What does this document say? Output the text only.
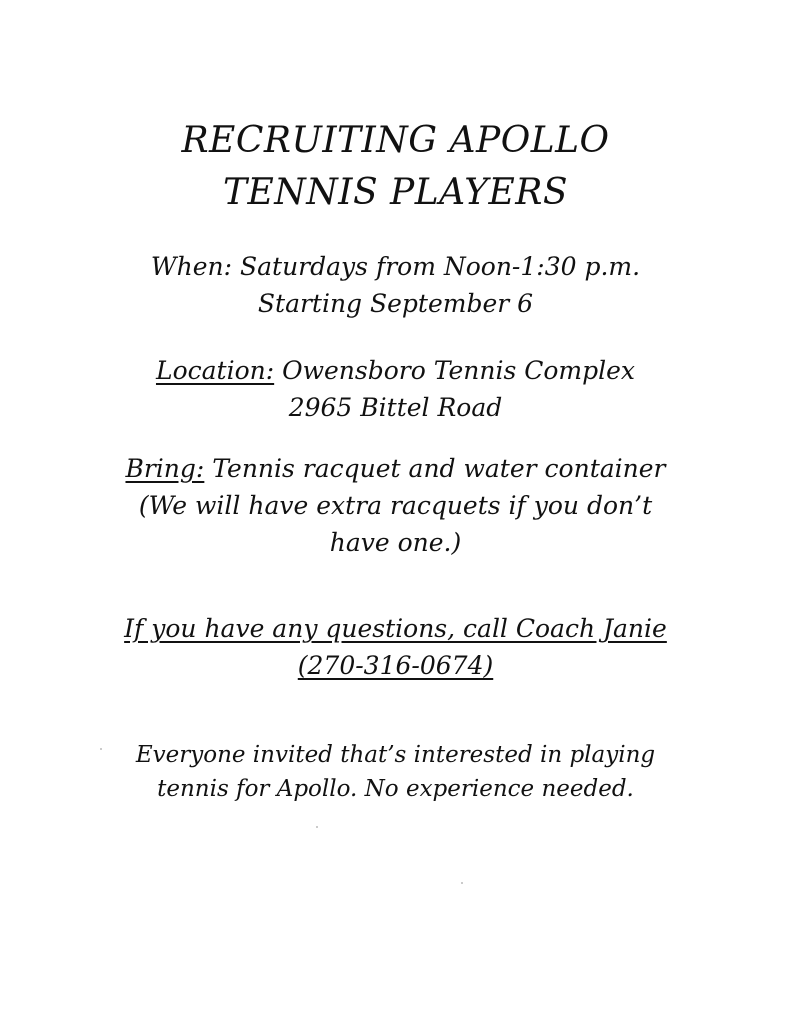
RECRUITING APOLLO
TENNIS PLAYERS
When: Saturdays from Noon-1:30 p.m.
Starting September 6
Location: Owensboro Tennis Complex
2965 Bittel Road
Bring: Tennis racquet and water container
(We will have extra racquets if you don’t
have one.)
If you have any questions, call Coach Janie
(270-316-0674)
Everyone invited that’s interested in playing
tennis for Apollo. No experience needed.
